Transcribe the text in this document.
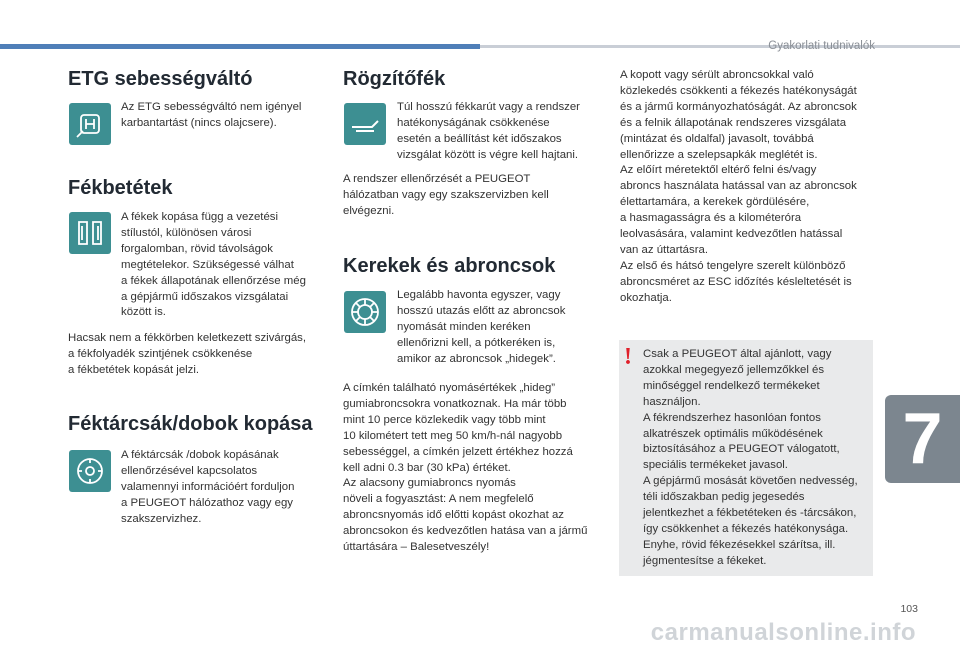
Gyakorlati tudnivalók
ETG sebességváltó
Az ETG sebességváltó nem igényel
karbantartást (nincs olajcsere).
Fékbetétek
A fékek kopása függ a vezetési
stílustól, különösen városi
forgalomban, rövid távolságok
megtételekor. Szükségessé válhat
a fékek állapotának ellenőrzése még
a gépjármű időszakos vizsgálatai
között is.
Hacsak nem a fékkörben keletkezett szivárgás,
a fékfolyadék szintjének csökkenése
a fékbetétek kopását jelzi.
Féktárcsák/dobok kopása
A féktárcsák /dobok kopásának
ellenőrzésével kapcsolatos
valamennyi információért forduljon
a PEUGEOT hálózathoz vagy egy
szakszervizhez.
Rögzítőfék
Túl hosszú fékkarút vagy a rendszer
hatékonyságának csökkenése
esetén a beállítást két időszakos
vizsgálat között is végre kell hajtani.
A rendszer ellenőrzését a PEUGEOT
hálózatban vagy egy szakszervizben kell
elvégezni.
Kerekek és abroncsok
Legalább havonta egyszer, vagy
hosszú utazás előtt az abroncsok
nyomását minden keréken
ellenőrizni kell, a pótkeréken is,
amikor az abroncsok „hidegek”.
A címkén található nyomásértékek „hideg”
gumiabroncsokra vonatkoznak. Ha már több
mint 10 perce közlekedik vagy több mint
10 kilométert tett meg 50 km/h-nál nagyobb
sebességgel, a címkén jelzett értékhez hozzá
kell adni 0.3 bar (30 kPa) értéket.
Az alacsony gumiabroncs nyomás
növeli a fogyasztást: A nem megfelelő
abroncsnyomás idő előtti kopást okozhat az
abroncsokon és kedvezőtlen hatása van a jármű
úttartására – Balesetveszély!
A kopott vagy sérült abroncsokkal való
közlekedés csökkenti a fékezés hatékonyságát
és a jármű kormányozhatóságát. Az abroncsok
és a felnik állapotának rendszeres vizsgálata
(mintázat és oldalfal) javasolt, továbbá
ellenőrizze a szelepsapkák meglétét is.
Az előírt méretektől eltérő felni és/vagy
abroncs használata hatással van az abroncsok
élettartamára, a kerekek gördülésére,
a hasmagasságra és a kilométeróra
leolvasására, valamint kedvezőtlen hatással
van az úttartásra.
Az első és hátsó tengelyre szerelt különböző
abroncsméret az ESC időzítés késleltetését is
okozhatja.
! Csak a PEUGEOT által ajánlott, vagy
azokkal megegyező jellemzőkkel és
minőséggel rendelkező termékeket
használjon.
A fékrendszerhez hasonlóan fontos
alkatrészek optimális működésének
biztosításához a PEUGEOT válogatott,
speciális termékeket javasol.
A gépjármű mosását követően nedvesség,
téli időszakban pedig jegesedés
jelentkezhet a fékbetéteken és -tárcsákon,
így csökkenhet a fékezés hatékonysága.
Enyhe, rövid fékezésekkel szárítsa, ill.
jégmentesítse a fékeket.
7
103
carmanualsonline.info
